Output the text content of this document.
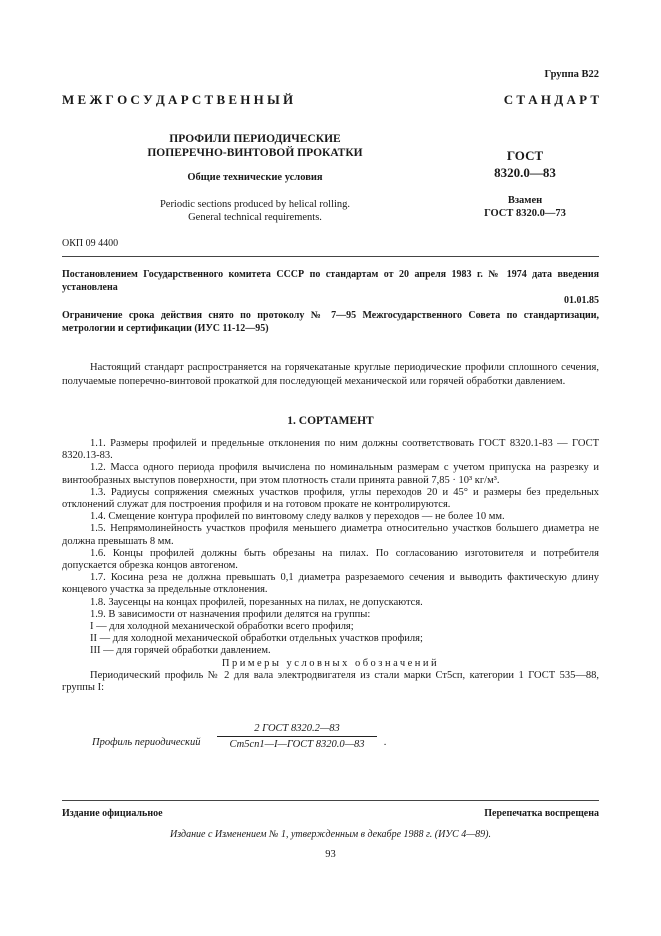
Группа В22
М Е Ж Г О С У Д А Р С Т В Е Н Н Ы Й	С Т А Н Д А Р Т
ПРОФИЛИ ПЕРИОДИЧЕСКИЕ
ПОПЕРЕЧНО-ВИНТОВОЙ ПРОКАТКИ
Общие технические условия
Periodic sections produced by helical rolling.
General technical requirements.
ГОСТ
8320.0—83
Взамен
ГОСТ 8320.0—73
ОКП 09 4400
Постановлением Государственного комитета СССР по стандартам от 20 апреля 1983 г. № 1974 дата введения установлена
01.01.85
Ограничение срока действия снято по протоколу № 7—95 Межгосударственного Совета по стандартизации, метрологии и сертификации (ИУС 11-12—95)
Настоящий стандарт распространяется на горячекатаные круглые периодические профили сплошного сечения, получаемые поперечно-винтовой прокаткой для последующей механической или горячей обработки давлением.
1. СОРТАМЕНТ

1.1. Размеры профилей и предельные отклонения по ним должны соответствовать ГОСТ 8320.1-83 — ГОСТ 8320.13-83.

1.2. Масса одного периода профиля вычислена по номинальным размерам с учетом припуска на разрезку и винтообразных выступов поверхности, при этом плотность стали принята равной 7,85 · 10³ кг/м³.

1.3. Радиусы сопряжения смежных участков профиля, углы переходов 20 и 45° и размеры без предельных отклонений служат для построения профиля и на готовом прокате не контролируются.

1.4. Смещение контура профилей по винтовому следу валков у переходов — не более 10 мм.

1.5. Непрямолинейность участков профиля меньшего диаметра относительно участков большего диаметра не должна превышать 8 мм.

1.6. Концы профилей должны быть обрезаны на пилах. По согласованию изготовителя и потребителя допускается обрезка концов автогеном.

1.7. Косина реза не должна превышать 0,1 диаметра разрезаемого сечения и выводить фактическую длину концевого участка за предельные отклонения.

1.8. Заусенцы на концах профилей, порезанных на пилах, не допускаются.

1.9. В зависимости от назначения профили делятся на группы:

I — для холодной механической обработки всего профиля;

II — для холодной механической обработки отдельных участков профиля;

III — для горячей обработки давлением.

Примеры условных обозначений

Периодический профиль № 2 для вала электродвигателя из стали марки Ст5сп, категории 1 ГОСТ 535—88, группы I:

Профиль периодический
2 ГОСТ 8320.2—83
Ст5сп1—I—ГОСТ 8320.0—83	.
Издание официальное	Перепечатка воспрещена
Издание с Изменением № 1, утвержденным в декабре 1988 г. (ИУС 4—89).
93
